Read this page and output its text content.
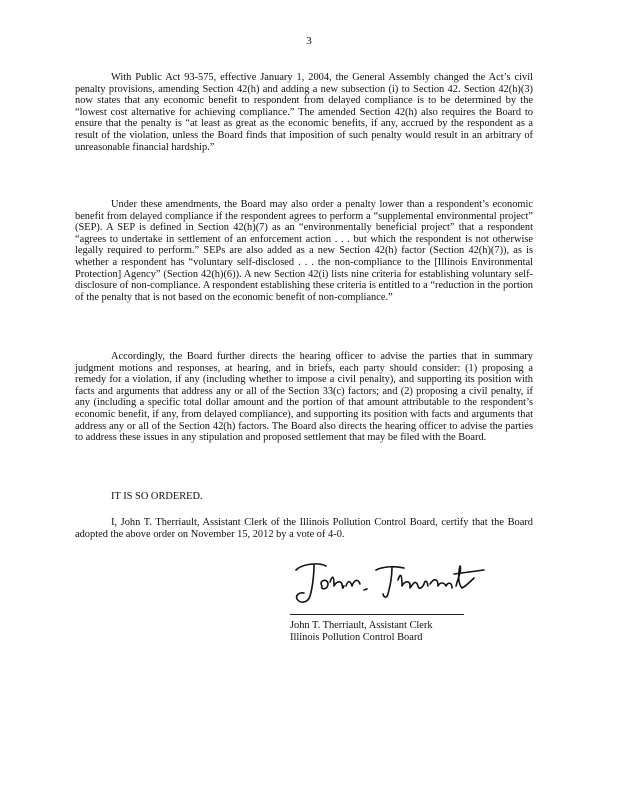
3

With Public Act 93-575, effective January 1, 2004, the General Assembly changed the Act’s civil penalty provisions, amending Section 42(h) and adding a new subsection (i) to Section 42. Section 42(h)(3) now states that any economic benefit to respondent from delayed compliance is to be determined by the “lowest cost alternative for achieving compliance.” The amended Section 42(h) also requires the Board to ensure that the penalty is “at least as great as the economic benefits, if any, accrued by the respondent as a result of the violation, unless the Board finds that imposition of such penalty would result in an arbitrary of unreasonable financial hardship.”

Under these amendments, the Board may also order a penalty lower than a respondent’s economic benefit from delayed compliance if the respondent agrees to perform a “supplemental environmental project” (SEP). A SEP is defined in Section 42(h)(7) as an “environmentally beneficial project” that a respondent “agrees to undertake in settlement of an enforcement action . . . but which the respondent is not otherwise legally required to perform.” SEPs are also added as a new Section 42(h) factor (Section 42(h)(7)), as is whether a respondent has “voluntary self-disclosed . . . the non-compliance to the [Illinois Environmental Protection] Agency” (Section 42(h)(6)). A new Section 42(i) lists nine criteria for establishing voluntary self-disclosure of non-compliance. A respondent establishing these criteria is entitled to a “reduction in the portion of the penalty that is not based on the economic benefit of non-compliance.”

Accordingly, the Board further directs the hearing officer to advise the parties that in summary judgment motions and responses, at hearing, and in briefs, each party should consider: (1) proposing a remedy for a violation, if any (including whether to impose a civil penalty), and supporting its position with facts and arguments that address any or all of the Section 33(c) factors; and (2) proposing a civil penalty, if any (including a specific total dollar amount and the portion of that amount attributable to the respondent’s economic benefit, if any, from delayed compliance), and supporting its position with facts and arguments that address any or all of the Section 42(h) factors. The Board also directs the hearing officer to advise the parties to address these issues in any stipulation and proposed settlement that may be filed with the Board.

IT IS SO ORDERED.

I, John T. Therriault, Assistant Clerk of the Illinois Pollution Control Board, certify that the Board adopted the above order on November 15, 2012 by a vote of 4-0.

John T. Therriault, Assistant Clerk
Illinois Pollution Control Board
